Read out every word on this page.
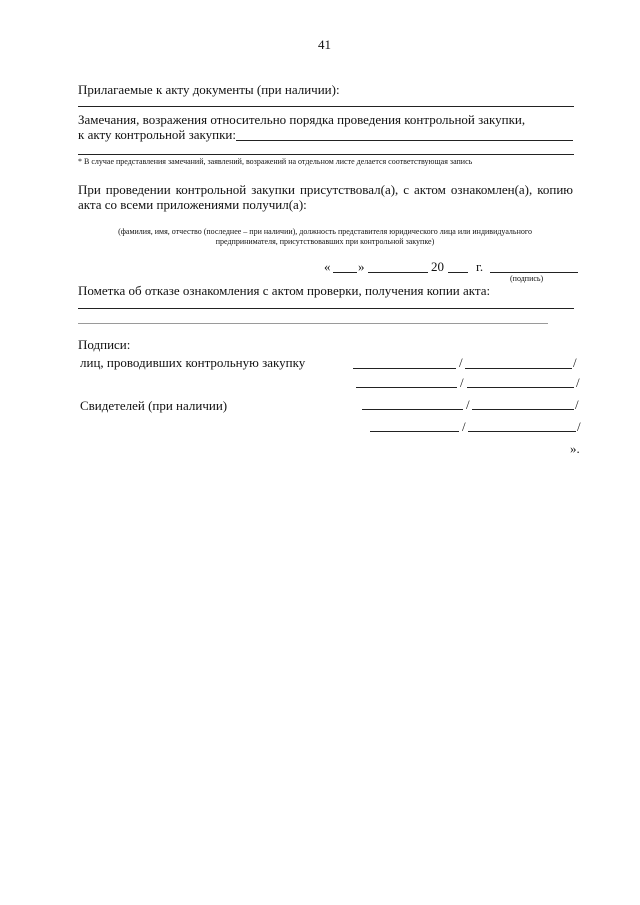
41
Прилагаемые к акту документы (при наличии):
Замечания, возражения относительно порядка проведения контрольной закупки,
к акту контрольной закупки:
* В случае представления замечаний, заявлений, возражений на отдельном листе делается соответствующая запись
При проведении контрольной закупки присутствовал(а), с актом ознакомлен(а), копию
акта со всеми приложениями получил(а):
(фамилия, имя, отчество (последнее – при наличии), должность представителя юридического лица или индивидуального
предпринимателя, присутствовавших при контрольной закупке)
« »	20 г.
(подпись)
Пометка об отказе ознакомления с актом проверки, получения копии акта:
Подписи:
лиц, проводивших контрольную закупку	/	/
/	/
Свидетелей (при наличии)	/	/
/	/
».
